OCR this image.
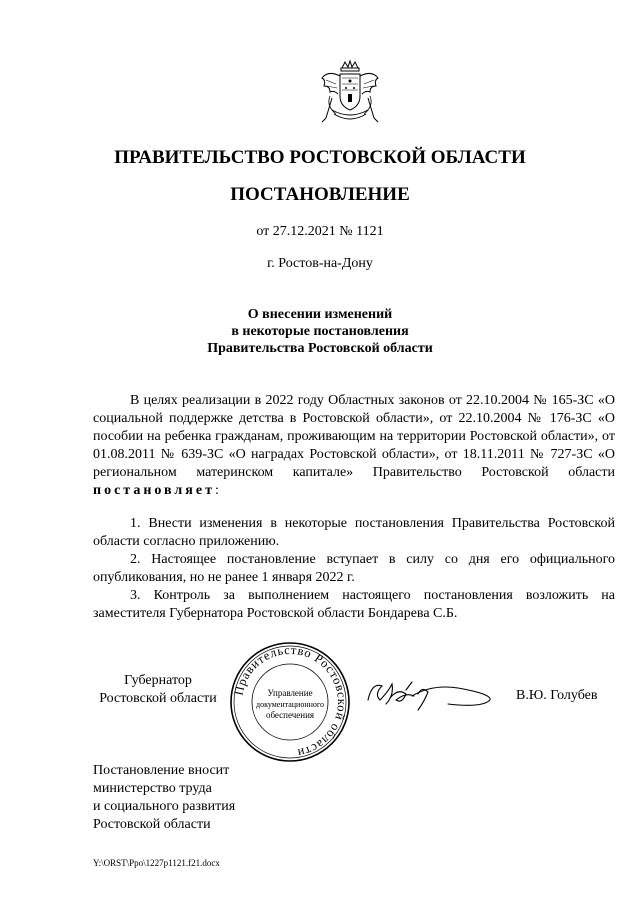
ПРАВИТЕЛЬСТВО РОСТОВСКОЙ ОБЛАСТИ
ПОСТАНОВЛЕНИЕ
от 27.12.2021 № 1121
г. Ростов-на-Дону
О внесении изменений
в некоторые постановления
Правительства Ростовской области

В целях реализации в 2022 году Областных законов от 22.10.2004 № 165-ЗС «О социальной поддержке детства в Ростовской области», от 22.10.2004 № 176-ЗС «О пособии на ребенка гражданам, проживающим на территории Ростовской области», от 01.08.2011 № 639-ЗС «О наградах Ростовской области», от 18.11.2011 № 727-ЗС «О региональном материнском капитале» Правительство Ростовской области постановляет:

1. Внести изменения в некоторые постановления Правительства Ростовской области согласно приложению.

2. Настоящее постановление вступает в силу со дня его официального опубликования, но не ранее 1 января 2022 г.

3. Контроль за выполнением настоящего постановления возложить на заместителя Губернатора Ростовской области Бондарева С.Б.

Губернатор
Ростовской области
Правительство Ростовской области
Управление
документационного
обеспечения
В.Ю. Голубев
Постановление вносит
министерство труда
и социального развития
Ростовской области
Y:\ORST\Ppo\1227p1121.f21.docx
